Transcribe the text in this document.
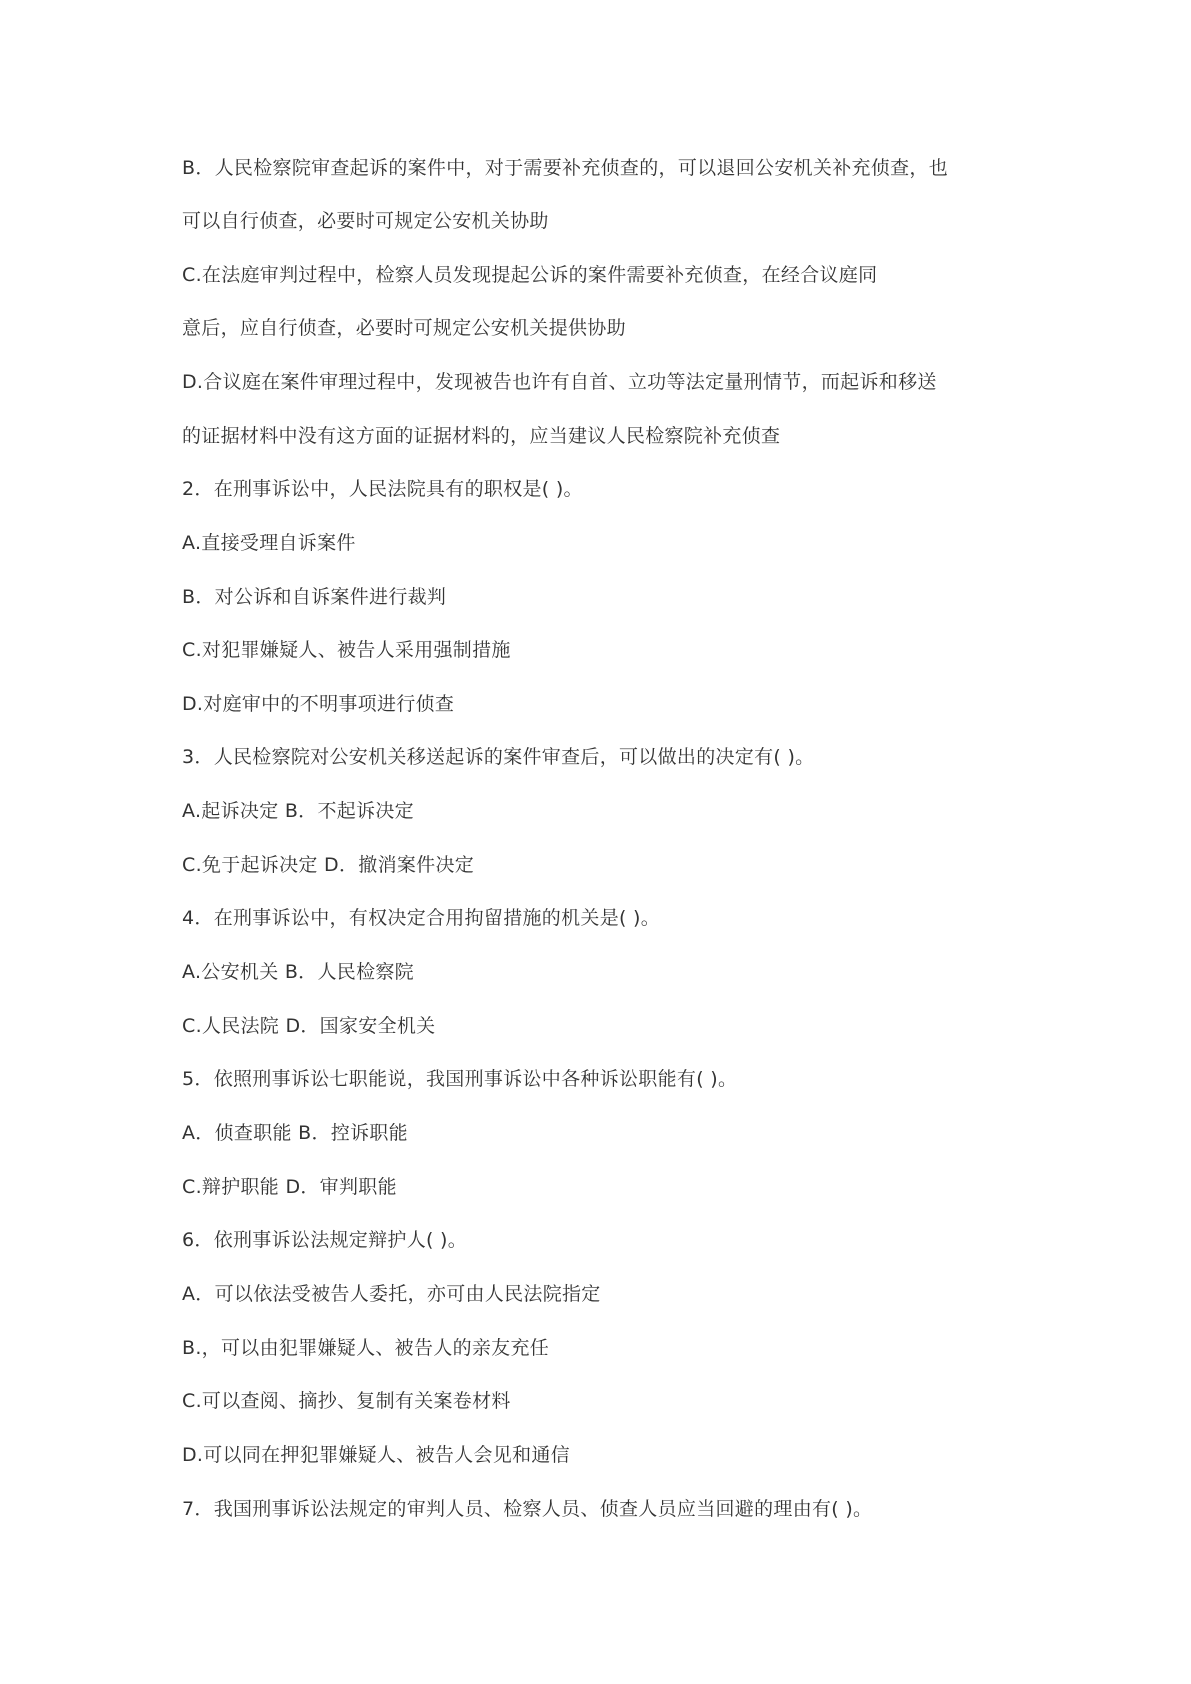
B．人民检察院审查起诉的案件中，对于需要补充侦查的，可以退回公安机关补充侦查，也
可以自行侦查，必要时可规定公安机关协助
C.在法庭审判过程中，检察人员发现提起公诉的案件需要补充侦查，在经合议庭同
意后，应自行侦查，必要时可规定公安机关提供协助
D.合议庭在案件审理过程中，发现被告也许有自首、立功等法定量刑情节，而起诉和移送
的证据材料中没有这方面的证据材料的，应当建议人民检察院补充侦查
2．在刑事诉讼中，人民法院具有的职权是( )。
A.直接受理自诉案件
B．对公诉和自诉案件进行裁判
C.对犯罪嫌疑人、被告人采用强制措施
D.对庭审中的不明事项进行侦查
3．人民检察院对公安机关移送起诉的案件审查后，可以做出的决定有( )。
A.起诉决定 B．不起诉决定
C.免于起诉决定 D．撤消案件决定
4．在刑事诉讼中，有权决定合用拘留措施的机关是( )。
A.公安机关 B．人民检察院
C.人民法院 D．国家安全机关
5．依照刑事诉讼七职能说，我国刑事诉讼中各种诉讼职能有( )。
A．侦查职能 B．控诉职能
C.辩护职能 D．审判职能
6．依刑事诉讼法规定辩护人( )。
A．可以依法受被告人委托，亦可由人民法院指定
B.，可以由犯罪嫌疑人、被告人的亲友充任
C.可以查阅、摘抄、复制有关案卷材料
D.可以同在押犯罪嫌疑人、被告人会见和通信
7．我国刑事诉讼法规定的审判人员、检察人员、侦查人员应当回避的理由有( )。
